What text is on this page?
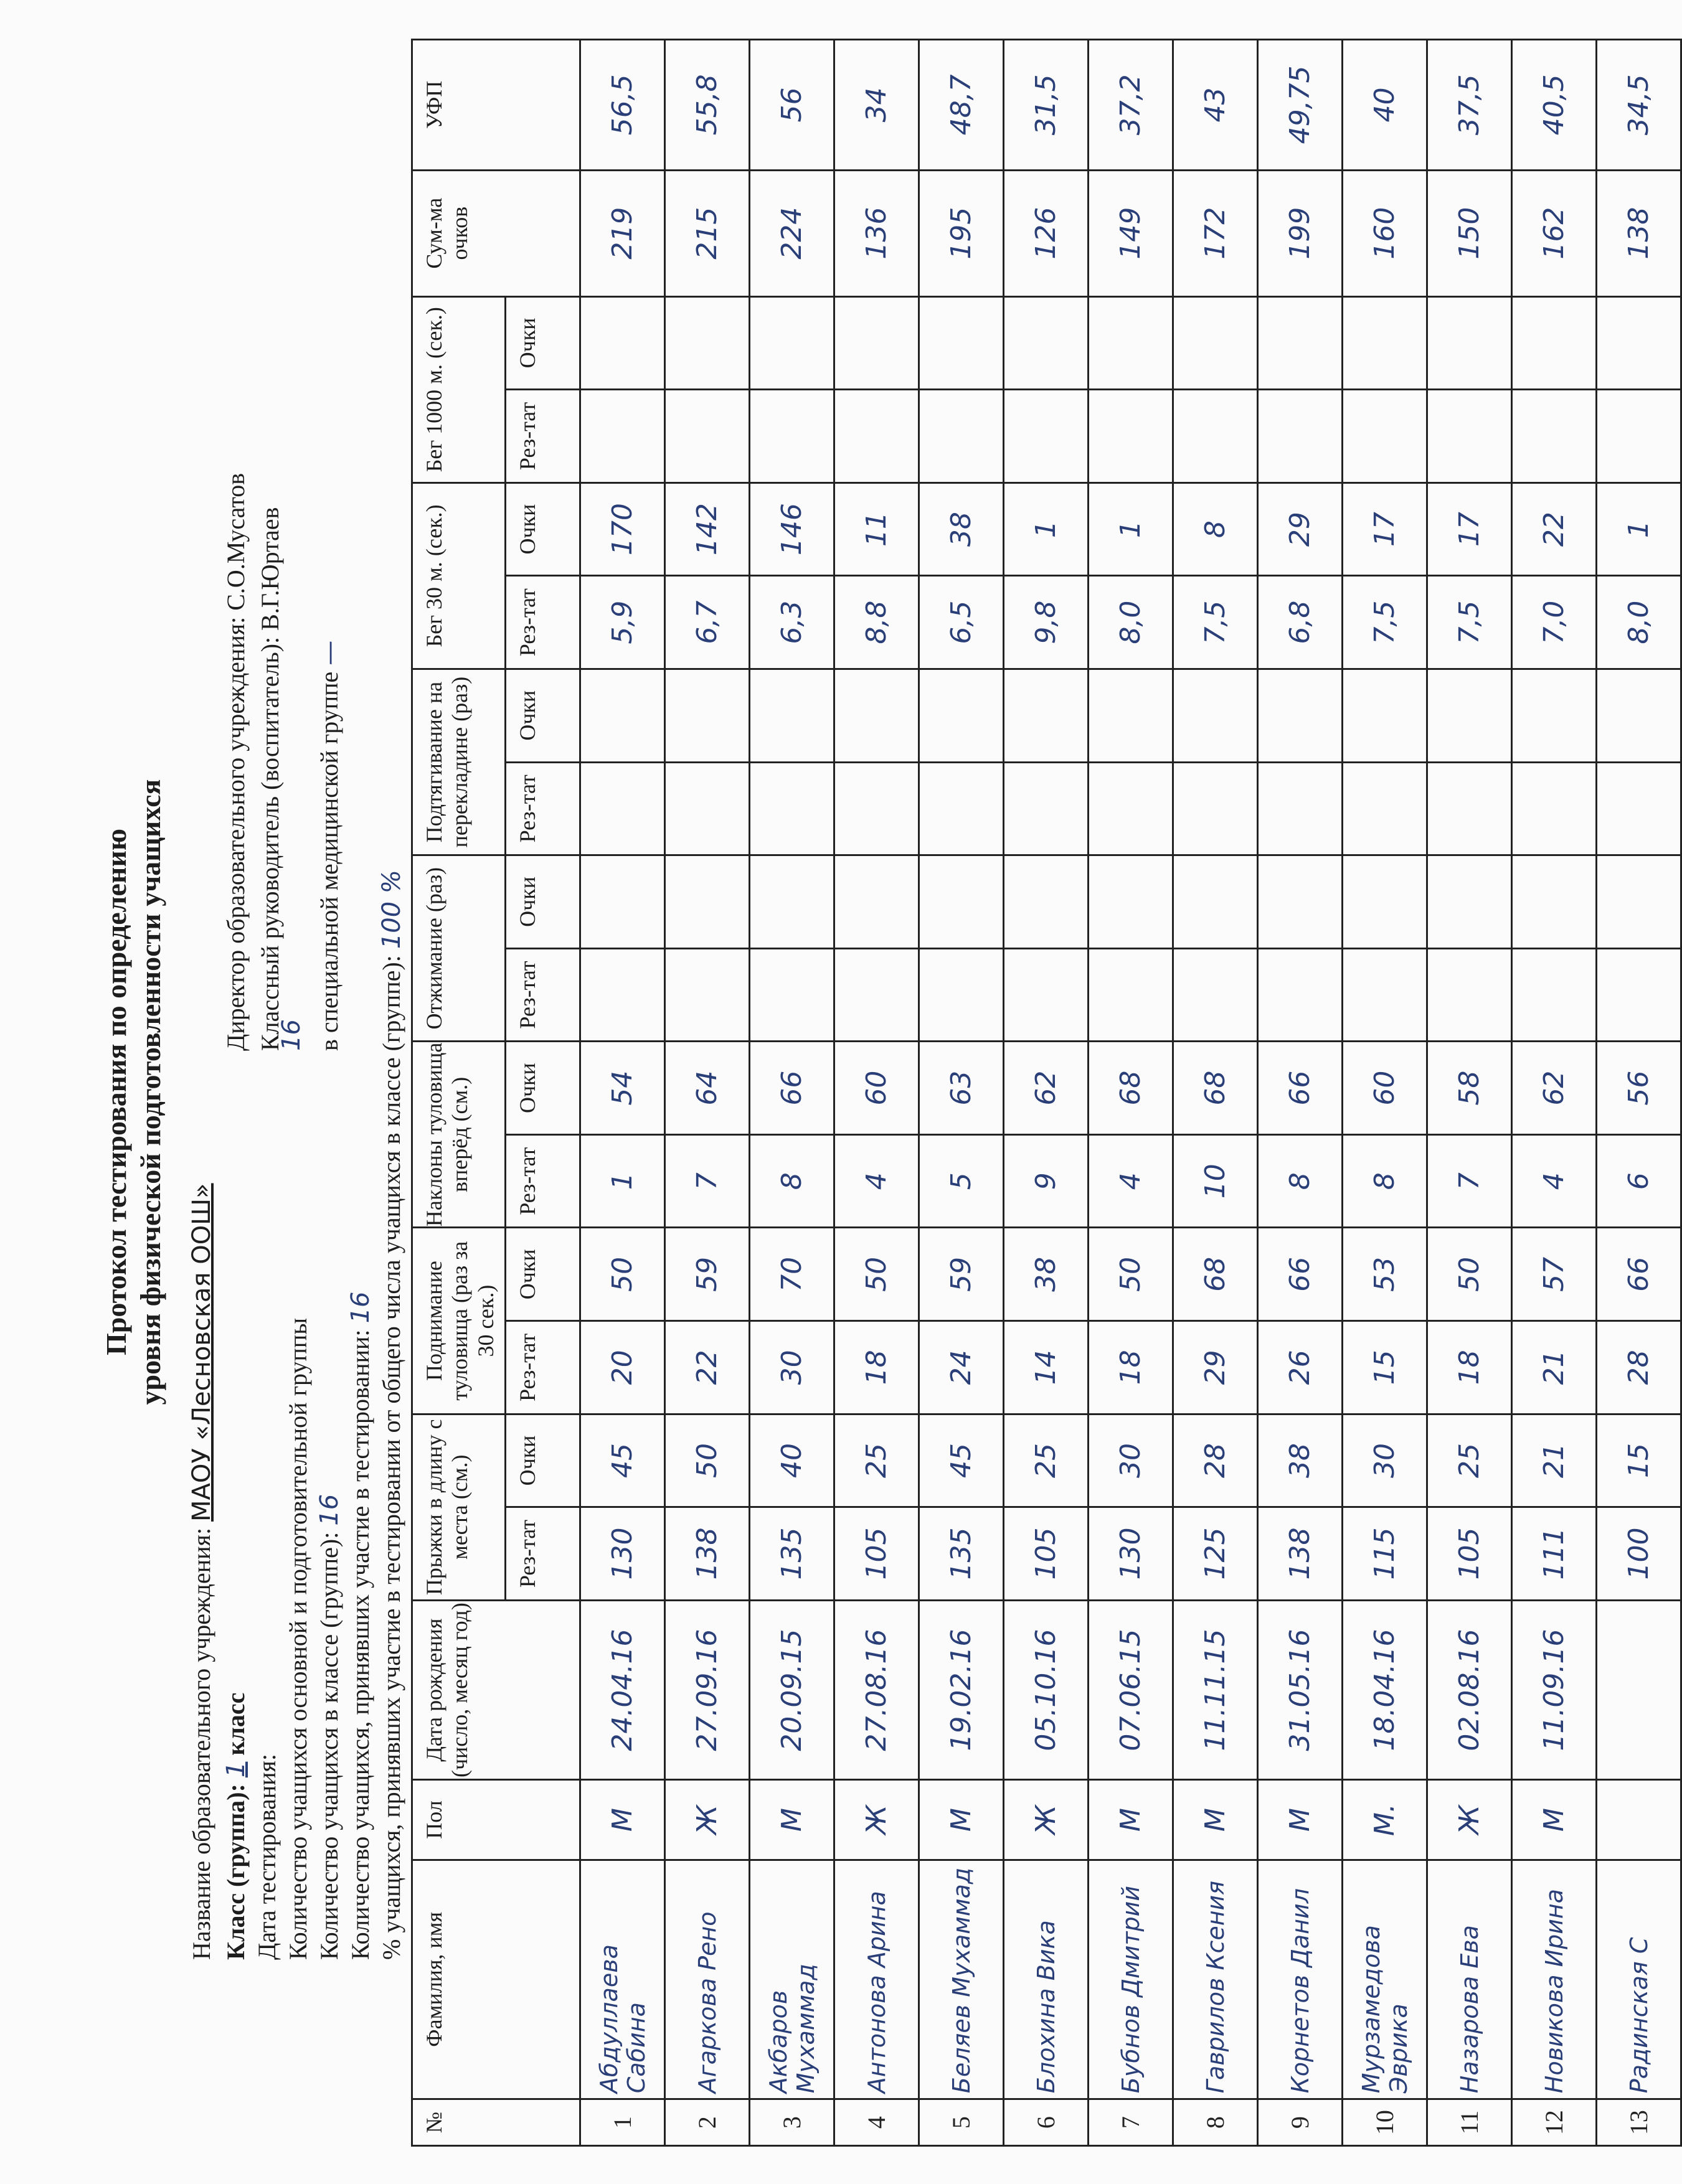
Протокол тестирования по определению уровня физической подготовленности учащихся
Название образовательного учреждения: МАОУ «Лесновская ООШ»
Директор образовательного учреждения: С.О.Мусатов
Класс (группа): 1 класс
Дата тестирования:
Классный руководитель (воспитатель): В.Г.Юртаев
Количество учащихся основной и подготовительной группы
16
Количество учащихся в классе (группе): 16
в специальной медицинской группе —
Количество учащихся, принявших участие в тестировании: 16 % учащихся, принявших участие в тестировании от общего числа учащихся в классе (группе): 100 %
№	Фамилия, имя	Пол	Дата рождения (число, месяц год)	Прыжки в длину с места (см.)		Поднимание туловища (раз за 30 сек.)		Наклоны туловища вперёд (см.)		Отжимание (раз)		Подтягивание на перекладине (раз)		Бег 30 м. (сек.)		Бег 1000 м. (сек.)		Сум-ма очков	УФП
				Рез-тат	Очки	Рез-тат	Очки	Рез-тат	Очки	Рез-тат	Очки	Рез-тат	Очки	Рез-тат	Очки	Рез-тат	Очки		
1	Абдуллаева Сабина	М	24.04.16	130	45	20	50	1	54					5,9	170			219	56,5
2	Агаркова Рено	Ж	27.09.16	138	50	22	59	7	64					6,7	142			215	55,8
3	Акбаров Мухаммад	М	20.09.15	135	40	30	70	8	66					6,3	146			224	56
4	Антонова Арина	Ж	27.08.16	105	25	18	50	4	60					8,8	11			136	34
5	Беляев Мухаммад	М	19.02.16	135	45	24	59	5	63					6,5	38			195	48,7
6	Блохина Вика	Ж	05.10.16	105	25	14	38	9	62					9,8	1			126	31,5
7	Бубнов Дмитрий	М	07.06.15	130	30	18	50	4	68					8,0	1			149	37,2
8	Гаврилов Ксения	М	11.11.15	125	28	29	68	10	68					7,5	8			172	43
9	Корнетов Данил	М	31.05.16	138	38	26	66	8	66					6,8	29			199	49,75
10	Мурзамедова Эврика	М.	18.04.16	115	30	15	53	8	60					7,5	17			160	40
11	Назарова Ева	Ж	02.08.16	105	25	18	50	7	58					7,5	17			150	37,5
12	Новикова Ирина	М	11.09.16	111	21	21	57	4	62					7,0	22			162	40,5
13	Радинская С			100	15	28	66	6	56					8,0	1			138	34,5
